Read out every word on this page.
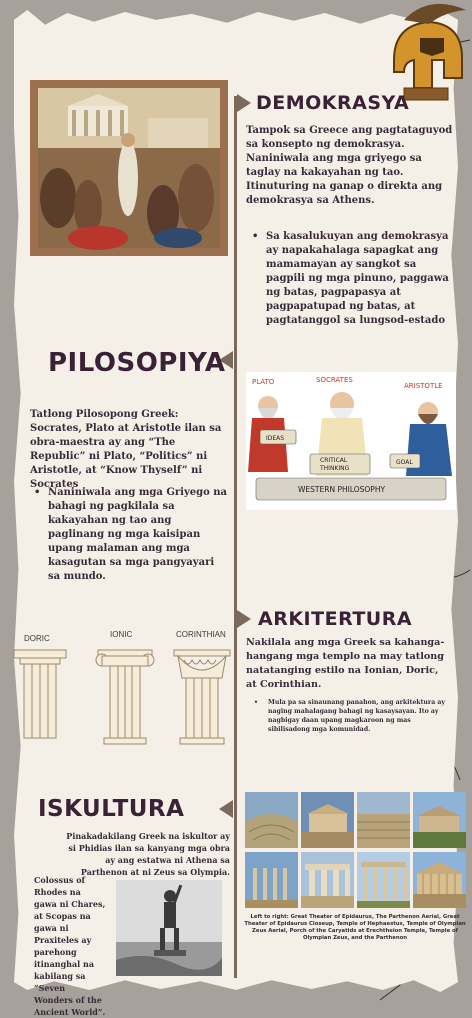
DEMOKRASYA
Tampok sa Greece ang pagtataguyod sa konsepto ng demokrasya. Naniniwala ang mga griyego sa taglay na kakayahan ng tao. Itinuturing na ganap o direkta ang demokrasya sa Athens.
• Sa kasalukuyan ang demokrasya ay napakahalaga sapagkat ang mamamayan ay sangkot sa pagpili ng mga pinuno, paggawa ng batas, pagpapasya at pagpapatupad ng batas, at pagtatanggol sa lungsod-estado
PILOSOPIYA
Tatlong Pilosopong Greek: Socrates, Plato at Aristotle ilan sa obra-maestra ay ang “The Republic” ni Plato, “Politics” ni Aristotle, at “Know Thyself” ni Socrates
• Naniniwala ang mga Griyego na bahagi ng pagkilala sa kakayahan ng tao ang paglinang ng mga kaisipan upang malaman ang mga kasagutan sa mga pangyayari sa mundo.
PLATO	SOCRATES
ARISTOTLE
IDEAS
CRITICAL
THINKING
GOAL
WESTERN PHILOSOPHY
ARKITERTURA
Nakilala ang mga Greek sa kahanga-hangang mga templo na may tatlong natatanging estilo na Ionian, Doric, at Corinthian.
• Mula pa sa sinaunang panahon, ang arkitektura ay naging mahalagang bahagi ng kasaysayan. Ito ay nagbigay daan upang magkaroon ng mas sibilisadong mga komunidad.
DORIC	IONIC	CORINTHIAN
ISKULTURA
Pinakadakilang Greek na iskultor ay si Phidias ilan sa kanyang mga obra ay ang estatwa ni Athena sa Parthenon at ni Zeus sa Olympia.
Colossus of Rhodes na gawa ni Chares, at Scopas na gawa ni Praxiteles ay parehong itinanghal na kabilang sa “Seven Wonders of the Ancient World”.
Left to right: Great Theater of Epidaurus, The Parthenon Aerial, Great Theater of Epidaurus Closeup, Temple of Hephaestus, Temple of Olympian Zeus Aerial, Porch of the Caryatids at Erechtheion Temple, Temple of Olympian Zeus, and the Parthenon
